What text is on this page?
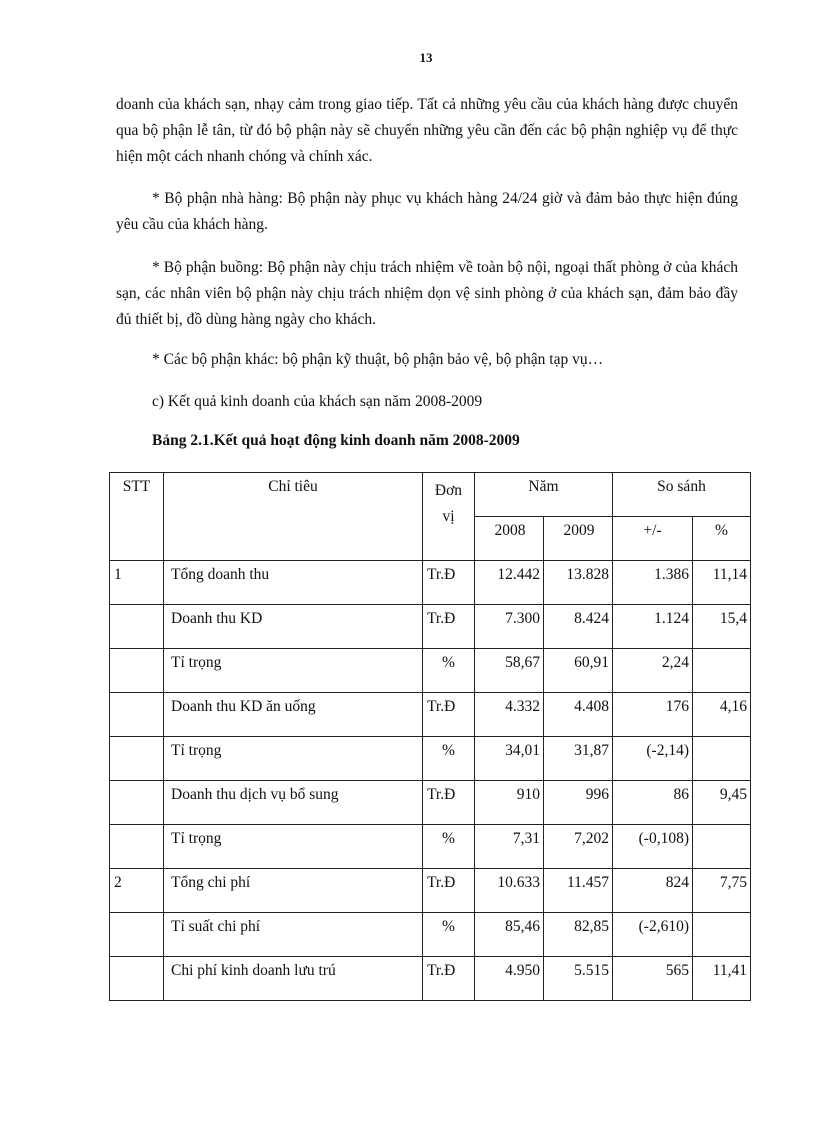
13

doanh của khách sạn, nhạy cảm trong giao tiếp. Tất cả những yêu cầu của khách hàng được chuyển qua bộ phận lễ tân, từ đó bộ phận này sẽ chuyển những yêu cần đến các bộ phận nghiệp vụ để thực hiện một cách nhanh chóng và chính xác.

* Bộ phận nhà hàng: Bộ phận này phục vụ khách hàng 24/24 giờ và đảm bảo thực hiện đúng yêu cầu của khách hàng.

* Bộ phận buồng: Bộ phận này chịu trách nhiệm về toàn bộ nội, ngoại thất phòng ở của khách sạn, các nhân viên bộ phận này chịu trách nhiệm dọn vệ sinh phòng ở của khách sạn, đảm bảo đầy đủ thiết bị, đồ dùng hàng ngày cho khách.

* Các bộ phận khác: bộ phận kỹ thuật, bộ phận bảo vệ, bộ phận tạp vụ…

c) Kết quả kinh doanh của khách sạn năm 2008-2009

Bảng 2.1.Kết quả hoạt động kinh doanh năm 2008-2009

STT	Chỉ tiêu	Đơn vị	Năm		So sánh	
			2008	2009	+/-	%
1	Tổng doanh thu	Tr.Đ	12.442	13.828	1.386	11,14
	Doanh thu KD	Tr.Đ	7.300	8.424	1.124	15,4
	Tỉ trọng	%	58,67	60,91	2,24	
	Doanh thu KD ăn uống	Tr.Đ	4.332	4.408	176	4,16
	Tỉ trọng	%	34,01	31,87	(-2,14)	
	Doanh thu dịch vụ bổ sung	Tr.Đ	910	996	86	9,45
	Tỉ trọng	%	7,31	7,202	(-0,108)	
2	Tổng chi phí	Tr.Đ	10.633	11.457	824	7,75
	Tỉ suất chi phí	%	85,46	82,85	(-2,610)	
	Chi phí kinh doanh lưu trú	Tr.Đ	4.950	5.515	565	11,41
